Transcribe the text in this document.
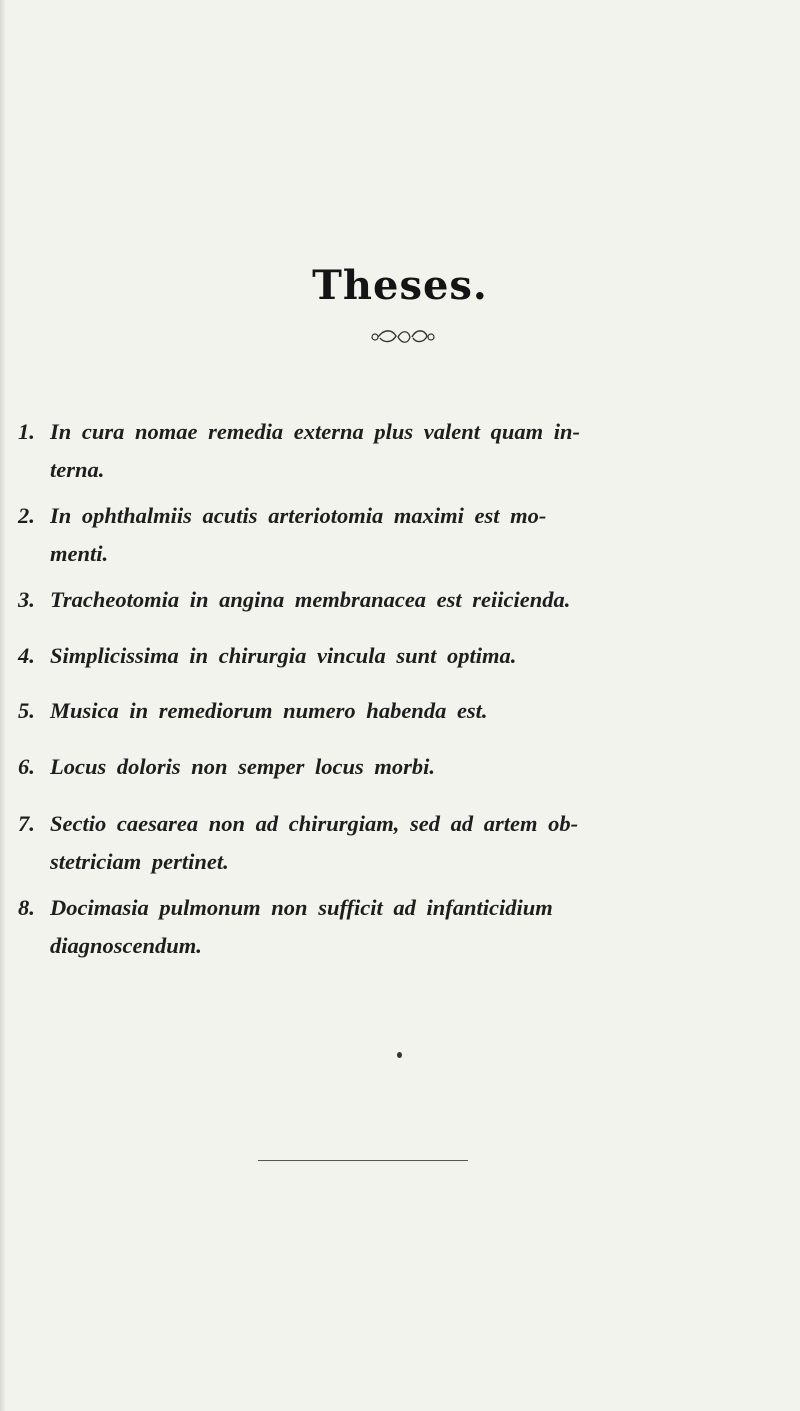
Theses.
1. In cura nomae remedia externa plus valent quam in-
terna.
2. In ophthalmiis acutis arteriotomia maximi est mo-
menti.
3. Tracheotomia in angina membranacea est reiicienda.
4. Simplicissima in chirurgia vincula sunt optima.
5. Musica in remediorum numero habenda est.
6. Locus doloris non semper locus morbi.
7. Sectio caesarea non ad chirurgiam, sed ad artem ob-
stetriciam pertinet.
8. Docimasia pulmonum non sufficit ad infanticidium
diagnoscendum.
